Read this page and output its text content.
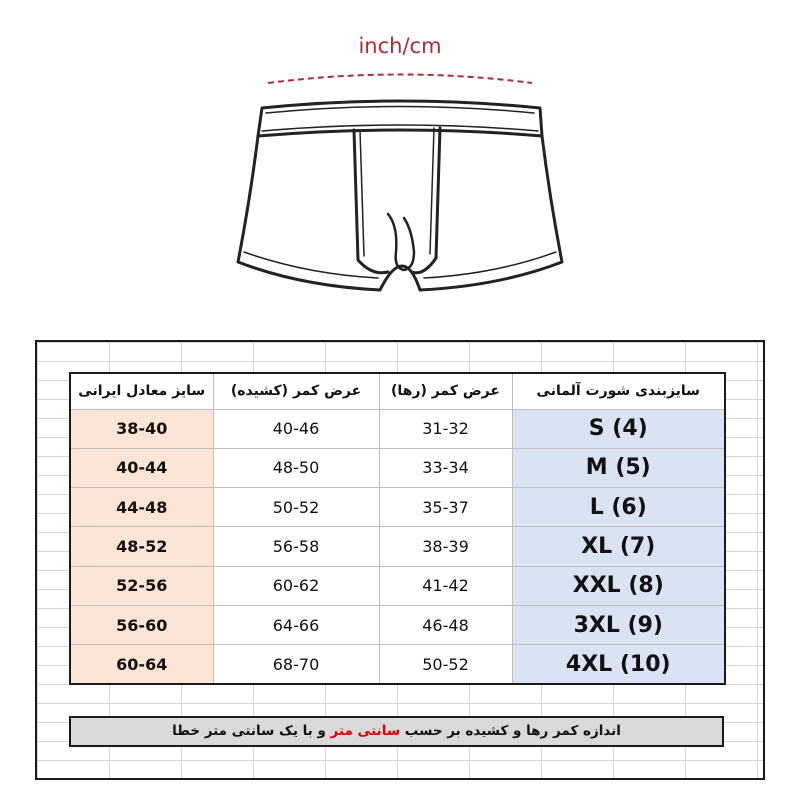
inch/cm
سایز معادل ایرانی	عرض کمر (کشیده)	عرض کمر (رها)	سایزبندی شورت آلمانی
38-40	40-46	31-32	S (4)
40-44	48-50	33-34	M (5)
44-48	50-52	35-37	L (6)
48-52	56-58	38-39	XL (7)
52-56	60-62	41-42	XXL (8)
56-60	64-66	46-48	3XL (9)
60-64	68-70	50-52	4XL (10)
اندازه کمر رها و کشیده بر حسب سانتی متر و با یک سانتی متر خطا
